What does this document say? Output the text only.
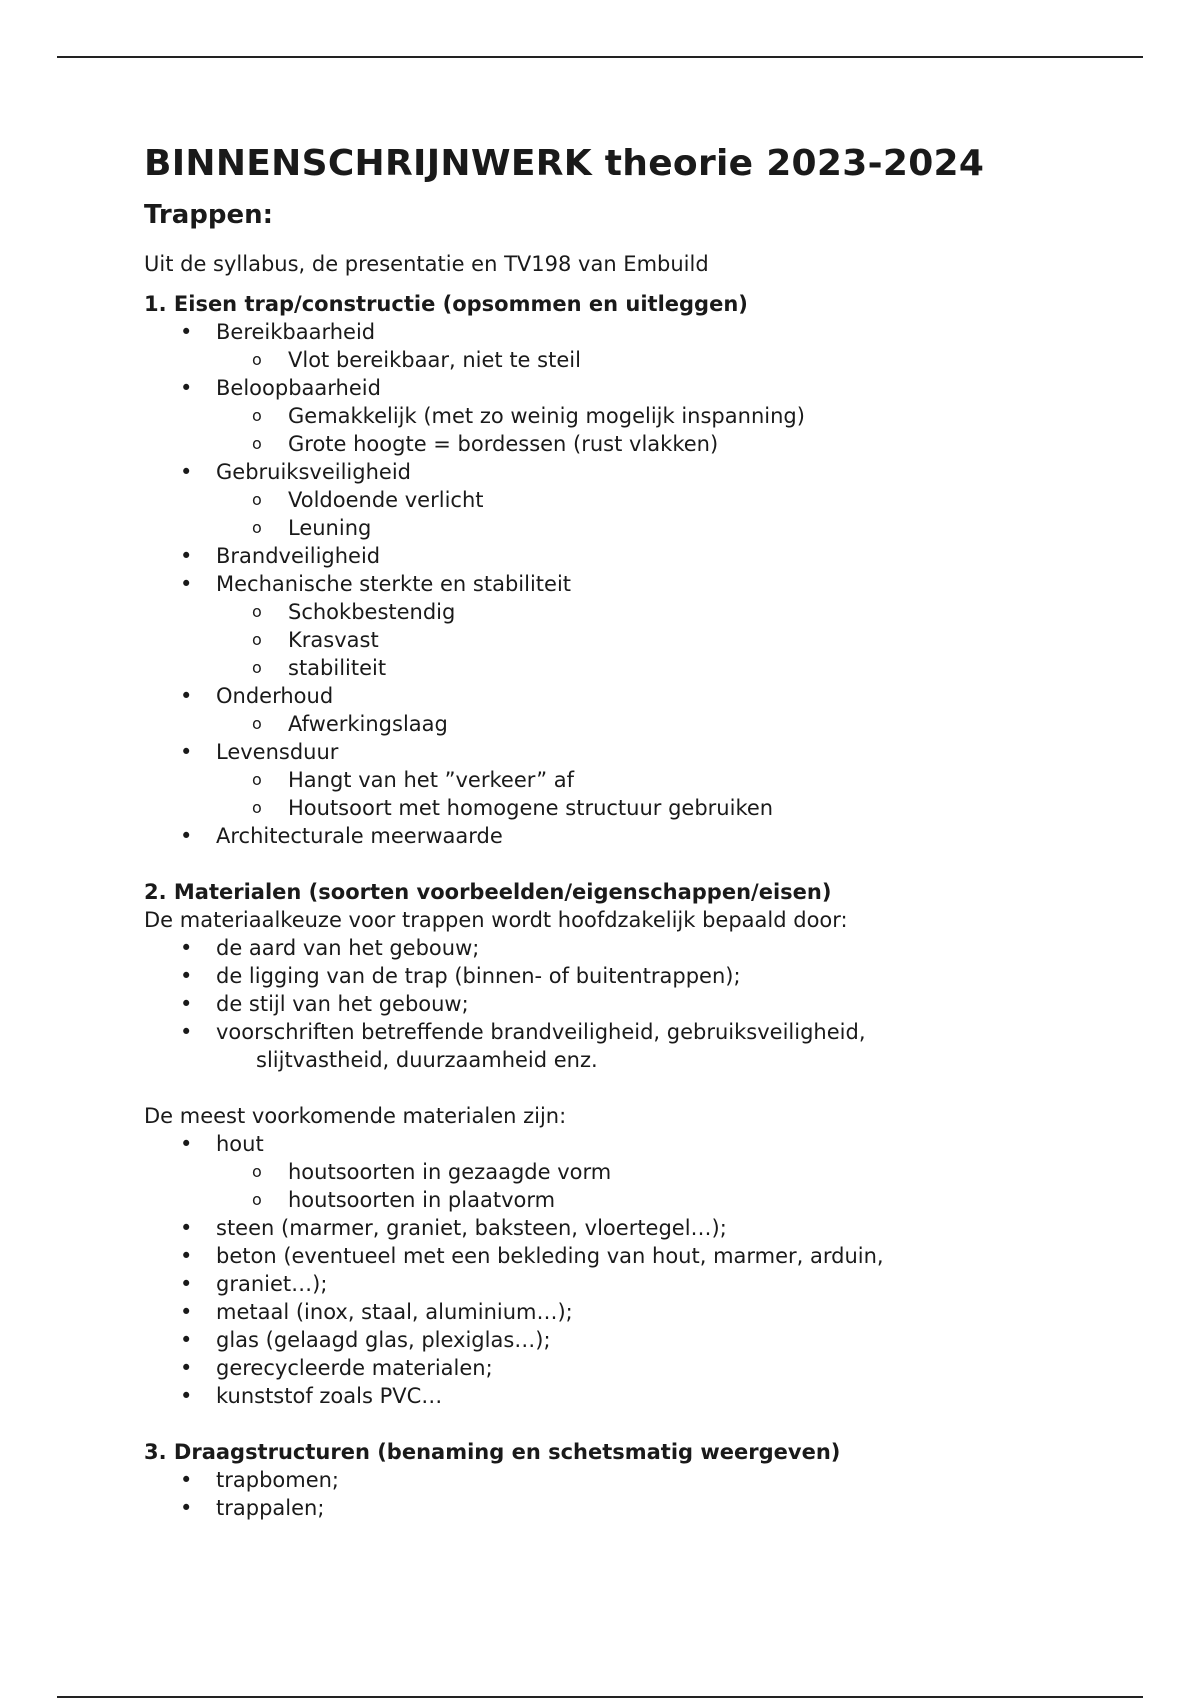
BINNENSCHRIJNWERK theorie 2023-2024
Trappen:

Uit de syllabus, de presentatie en TV198 van Embuild

1. Eisen trap/constructie (opsommen en uitleggen)

• Bereikbaarheid
o Vlot bereikbaar, niet te steil
• Beloopbaarheid
o Gemakkelijk (met zo weinig mogelijk inspanning)
o Grote hoogte = bordessen (rust vlakken)
• Gebruiksveiligheid
o Voldoende verlicht
o Leuning
• Brandveiligheid
• Mechanische sterkte en stabiliteit
o Schokbestendig
o Krasvast
o stabiliteit
• Onderhoud
o Afwerkingslaag
• Levensduur
o Hangt van het ”verkeer” af
o Houtsoort met homogene structuur gebruiken
• Architecturale meerwaarde

2. Materialen (soorten voorbeelden/eigenschappen/eisen)

De materiaalkeuze voor trappen wordt hoofdzakelijk bepaald door:

• de aard van het gebouw;
• de ligging van de trap (binnen- of buitentrappen);
• de stijl van het gebouw;
• voorschriften betreffende brandveiligheid, gebruiksveiligheid,

slijtvastheid, duurzaamheid enz.

De meest voorkomende materialen zijn:

• hout
o houtsoorten in gezaagde vorm
o houtsoorten in plaatvorm
• steen (marmer, graniet, baksteen, vloertegel…);
• beton (eventueel met een bekleding van hout, marmer, arduin,
• graniet…);
• metaal (inox, staal, aluminium…);
• glas (gelaagd glas, plexiglas…);
• gerecycleerde materialen;
• kunststof zoals PVC…

3. Draagstructuren (benaming en schetsmatig weergeven)

• trapbomen;
• trappalen;
